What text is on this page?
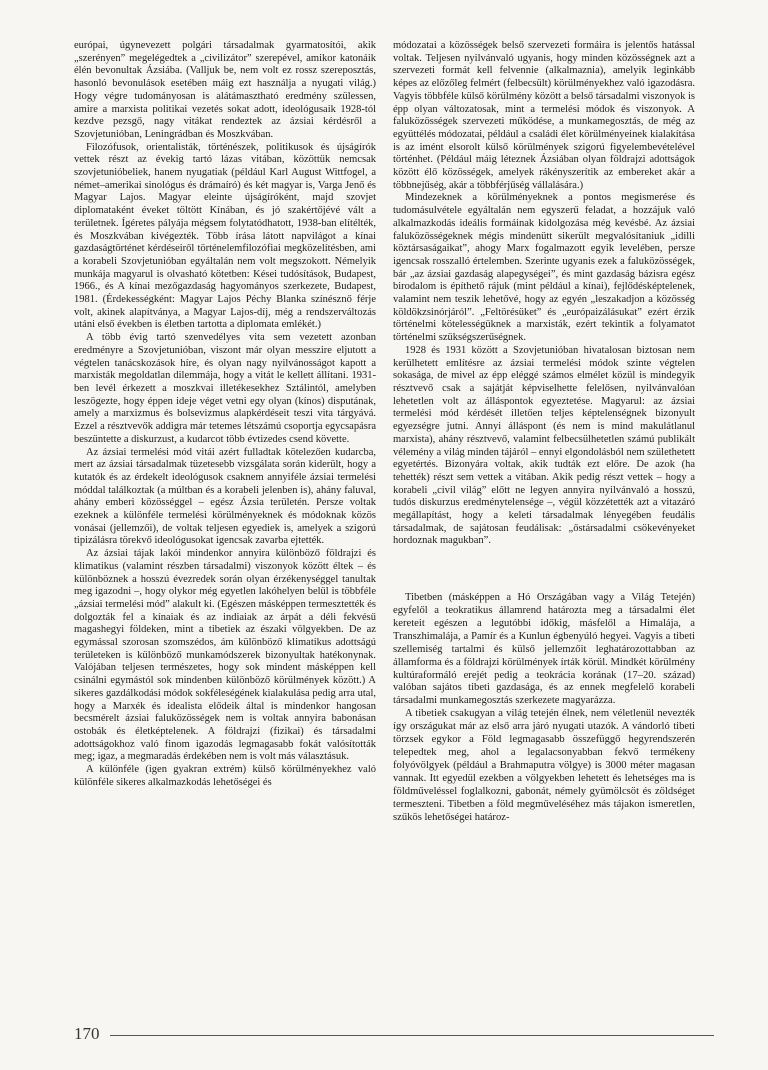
európai, úgynevezett polgári társadalmak gyarmatosítói, akik „szerényen” megelégedtek a „civilizátor” szerepével, amikor katonáik élén bevonultak Ázsiába. (Valljuk be, nem volt ez rossz szereposztás, hasonló bevonulások esetében máig ezt használja a nyugati világ.) Hogy végre tudományosan is alátámasztható eredmény szülessen, amire a marxista politikai vezetés sokat adott, ideológusaik 1928-tól kezdve pezsgő, nagy vitákat rendeztek az ázsiai kérdésről a Szovjetunióban, Leningrádban és Moszkvában.

Filozófusok, orientalisták, történészek, politikusok és újságírók vettek részt az évekig tartó lázas vitában, közöttük nemcsak szovjetunióbeliek, hanem nyugatiak (például Karl August Wittfogel, a német–amerikai sinológus és drámaíró) és két magyar is, Varga Jenő és Magyar Lajos. Magyar eleinte újságíróként, majd szovjet diplomataként éveket töltött Kínában, és jó szakértőjévé vált a területnek. Ígéretes pályája mégsem folytatódhatott, 1938-ban elítélték, és Moszkvában kivégezték. Több írása látott napvilágot a kínai gazdaságtörténet kérdéseiről történelemfilozófiai megközelítésben, ami a korabeli Szovjetunióban egyáltalán nem volt megszokott. Némelyik munkája magyarul is olvasható kötetben: Kései tudósítások, Budapest, 1966., és A kínai mezőgazdaság hagyományos szerkezete, Budapest, 1981. (Érdekességként: Magyar Lajos Péchy Blanka színésznő férje volt, akinek alapítványa, a Magyar Lajos-díj, még a rendszerváltozás utáni első években is életben tartotta a diplomata emlékét.)

A több évig tartó szenvedélyes vita sem vezetett azonban eredményre a Szovjetunióban, viszont már olyan messzire eljutott a végtelen tanácskozások híre, és olyan nagy nyilvánosságot kapott a marxisták megoldatlan dilemmája, hogy a vitát le kellett állítani. 1931-ben levél érkezett a moszkvai illetékesekhez Sztálintól, amelyben leszögezte, hogy éppen ideje véget vetni egy olyan (kínos) disputának, amely a marxizmus és bolsevizmus alapkérdéseit teszi vita tárgyává. Ezzel a résztvevők addigra már tetemes létszámú csoportja egycsapásra beszüntette a diskurzust, a kudarcot több évtizedes csend követte.

Az ázsiai termelési mód vitái azért fulladtak kötelezően kudarcba, mert az ázsiai társadalmak tüzetesebb vizsgálata során kiderült, hogy a kutatók és az érdekelt ideológusok csaknem annyiféle ázsiai termelési móddal találkoztak (a múltban és a korabeli jelenben is), ahány faluval, ahány emberi közösséggel – egész Ázsia területén. Persze voltak ezeknek a különféle termelési körülményeknek és módoknak közös vonásai (jellemzői), de voltak teljesen egyediek is, amelyek a szigorú tipizálásra törekvő ideológusokat igencsak zavarba ejtették.

Az ázsiai tájak lakói mindenkor annyira különböző földrajzi és klimatikus (valamint részben társadalmi) viszonyok között éltek – és különböznek a hosszú évezredek során olyan érzékenységgel tanultak meg igazodni –, hogy olykor még egyetlen lakóhelyen belül is többféle „ázsiai termelési mód” alakult ki. (Egészen másképpen termesztették és dolgozták fel a kínaiak és az indiaiak az árpát a déli fekvésű magashegyi földeken, mint a tibetiek az északi völgyekben. De az egymással szorosan szomszédos, ám különböző klimatikus adottságú területeken is különböző munkamódszerek bizonyultak hatékonynak. Valójában teljesen természetes, hogy sok mindent másképpen kell csinálni egymástól sok mindenben különböző körülmények között.) A sikeres gazdálkodási módok sokféleségének kialakulása pedig arra utal, hogy a Marxék és idealista elődeik által is mindenkor hangosan becsmérelt ázsiai faluközösségek nem is voltak annyira babonásan ostobák és életképtelenek. A földrajzi (fizikai) és társadalmi adottságokhoz való finom igazodás legmagasabb fokát valósították meg; igaz, a megmaradás érdekében nem is volt más választásuk.

A különféle (igen gyakran extrém) külső körülményekhez való különféle sikeres alkalmazkodás lehetőségei és

módozatai a közösségek belső szervezeti formáira is jelentős hatással voltak. Teljesen nyilvánvaló ugyanis, hogy minden közösségnek azt a szervezeti formát kell felvennie (alkalmaznia), amelyik leginkább képes az előzőleg felmért (felbecsült) körülményekhez való igazodásra. Vagyis többféle külső körülmény között a belső társadalmi viszonyok is épp olyan változatosak, mint a termelési módok és viszonyok. A faluközösségek szervezeti működése, a munkamegosztás, de még az együttélés módozatai, például a családi élet körülményeinek kialakítása is az imént elsorolt külső körülmények szigorú figyelembevételével történhet. (Például máig léteznek Ázsiában olyan földrajzi adottságok között élő közösségek, amelyek rákényszerítik az embereket akár a többnejűség, akár a többférjűség vállalására.)

Mindezeknek a körülményeknek a pontos megismerése és tudomásulvétele egyáltalán nem egyszerű feladat, a hozzájuk való alkalmazkodás ideális formáinak kidolgozása még kevésbé. Az ázsiai faluközösségeknek mégis mindenütt sikerült megvalósítaniuk „idilli köztársaságaikat”, ahogy Marx fogalmazott egyik levelében, persze igencsak rosszalló értelemben. Szerinte ugyanis ezek a faluközösségek, bár „az ázsiai gazdaság alapegységei”, és mint gazdaság bázisra egész birodalom is építhető rájuk (mint például a kínai), fejlődésképtelenek, valamint nem teszik lehetővé, hogy az egyén „leszakadjon a közösség köldökzsinórjáról”. „Feltörésüket” és „európaizálásukat” ezért érzik történelmi kötelességüknek a marxisták, ezért tekintik a folyamatot történelmi szükségszerűségnek.

1928 és 1931 között a Szovjetunióban hivatalosan biztosan nem kerülhetett említésre az ázsiai termelési módok szinte végtelen sokasága, de mivel az épp eléggé számos elmélet közül is mindegyik résztvevő csak a sajátját képviselhette felelősen, nyilvánvalóan lehetetlen volt az álláspontok egyeztetése. Magyarul: az ázsiai termelési mód kérdését illetően teljes képtelenségnek bizonyult egyezségre jutni. Annyi álláspont (és nem is mind makulátlanul marxista), ahány résztvevő, valamint felbecsülhetetlen számú publikált vélemény a világ minden tájáról – ennyi elgondolásból nem születhetett egyetértés. Bizonyára voltak, akik tudták ezt előre. De azok (ha tehették) részt sem vettek a vitában. Akik pedig részt vettek – hogy a korabeli „civil világ” előtt ne legyen annyira nyilvánvaló a hosszú, tudós diskurzus eredménytelensége –, végül közzétették azt a vitazáró megállapítást, hogy a keleti társadalmak lényegében feudális társadalmak, de sajátosan feudálisak: „őstársadalmi csökevényeket hordoznak magukban”.

Tibetben (másképpen a Hó Országában vagy a Világ Tetején) egyfelől a teokratikus államrend határozta meg a társadalmi élet kereteit egészen a legutóbbi időkig, másfelől a Himalája, a Transzhimalája, a Pamír és a Kunlun égbenyúló hegyei. Vagyis a tibeti szellemiség tartalmi és külső jellemzőit leghatározottabban az államforma és a földrajzi körülmények írták körül. Mindkét körülmény kultúraformáló erejét pedig a teokrácia korának (17–20. század) valóban sajátos tibeti gazdasága, és az ennek megfelelő korabeli társadalmi munkamegosztás szerkezete magyarázza.

A tibetiek csakugyan a világ tetején élnek, nem véletlenül nevezték így országukat már az első arra járó nyugati utazók. A vándorló tibeti törzsek egykor a Föld legmagasabb összefüggő hegyrendszerén telepedtek meg, ahol a legalacsonyabban fekvő termékeny folyóvölgyek (például a Brahmaputra völgye) is 3000 méter magasan vannak. Itt egyedül ezekben a völgyekben lehetett és lehetséges ma is földműveléssel foglalkozni, gabonát, némely gyümölcsöt és zöldséget termeszteni. Tibetben a föld megműveléséhez más tájakon ismeretlen, szűkös lehetőségei határoz-

170
